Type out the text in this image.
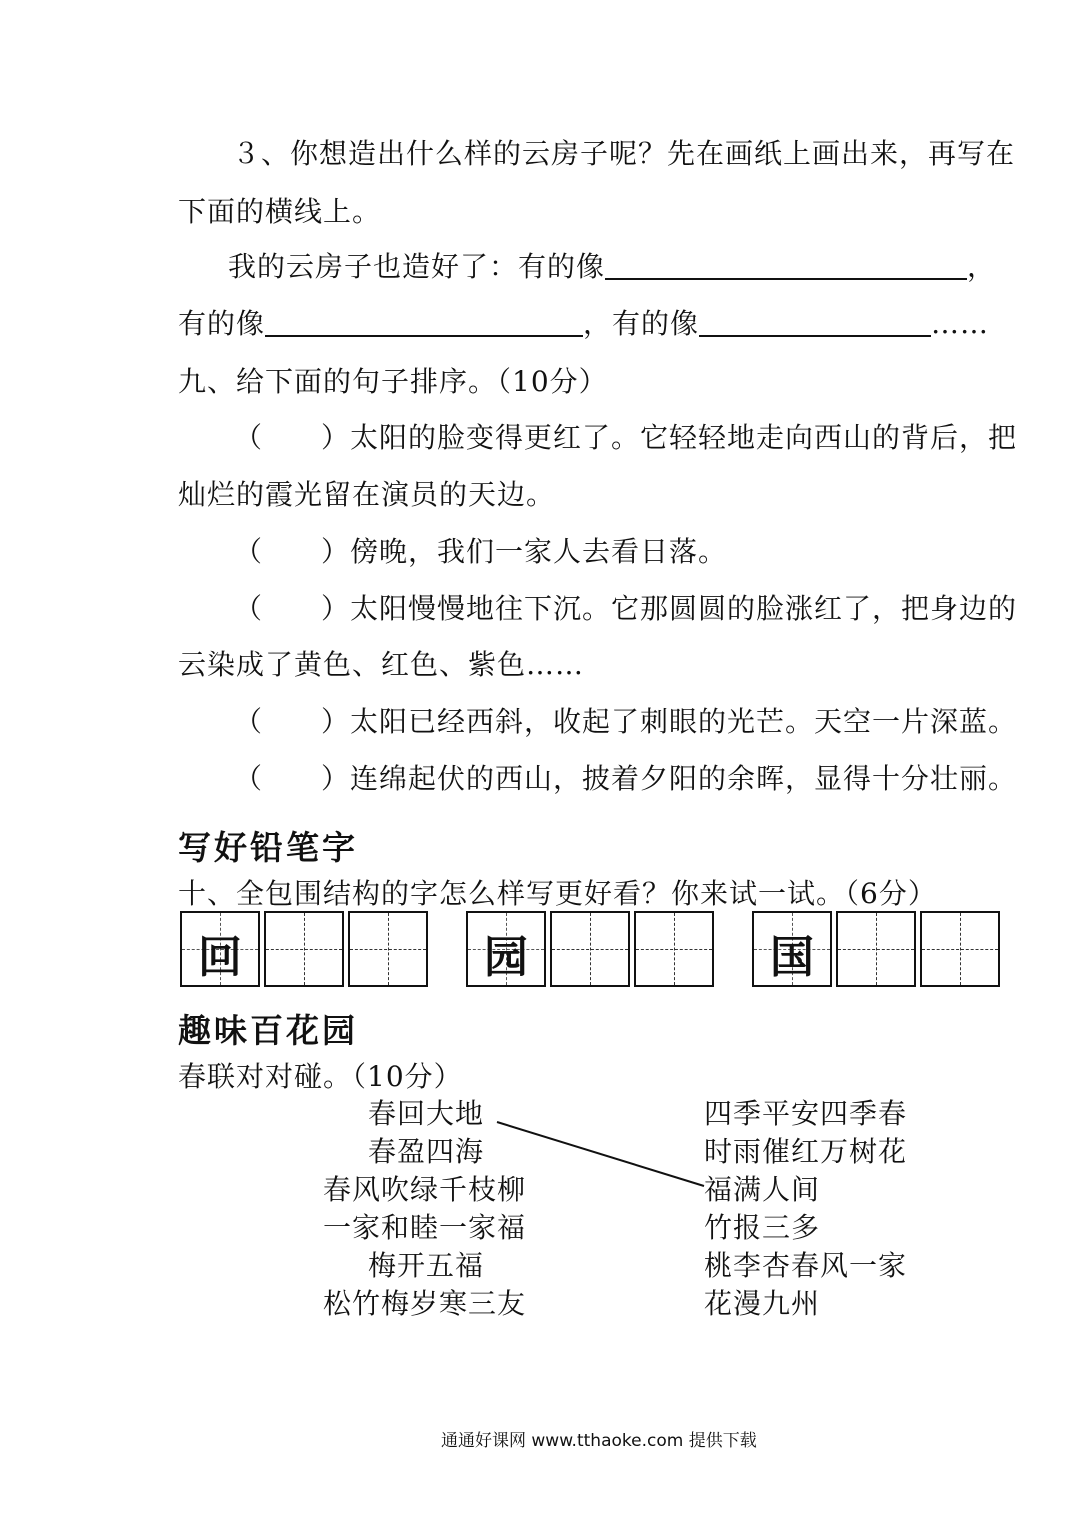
３、你想造出什么样的云房子呢？先在画纸上画出来，再写在
下面的横线上。
我的云房子也造好了：有的像	，
有的像	，有的像	……
九、给下面的句子排序。（10分）
（　　）太阳的脸变得更红了。它轻轻地走向西山的背后，把
灿烂的霞光留在演员的天边。
（　　）傍晚，我们一家人去看日落。
（　　）太阳慢慢地往下沉。它那圆圆的脸涨红了，把身边的
云染成了黄色、红色、紫色……
（　　）太阳已经西斜，收起了刺眼的光芒。天空一片深蓝。
（　　）连绵起伏的西山，披着夕阳的余晖，显得十分壮丽。
写好铅笔字
十、全包围结构的字怎么样写更好看？你来试一试。（6分）
回	园	国
趣味百花园
春联对对碰。（10分）
春回大地
春盈四海
春风吹绿千枝柳
一家和睦一家福
梅开五福
松竹梅岁寒三友
四季平安四季春
时雨催红万树花
福满人间
竹报三多
桃李杏春风一家
花漫九州
通通好课网 www.tthaoke.com 提供下载
